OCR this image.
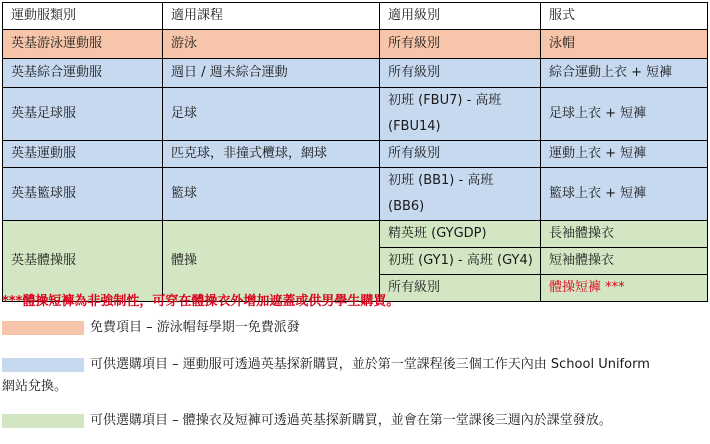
運動服類別	適用課程	適用級別	服式
英基游泳運動服	游泳	所有級別	泳帽
英基綜合運動服	週日 / 週末綜合運動	所有級別	綜合運動上衣 + 短褲
英基足球服	足球	初班 (FBU7) - 高班 (FBU14)	足球上衣 + 短褲
英基運動服	匹克球，非撞式欖球，網球	所有級別	運動上衣 + 短褲
英基籃球服	籃球	初班 (BB1) - 高班 (BB6)	籃球上衣 + 短褲
英基體操服	體操	精英班 (GYGDP)	長袖體操衣
		初班 (GY1) - 高班 (GY4)	短袖體操衣
		所有級別	體操短褲 ***
***體操短褲為非強制性，可穿在體操衣外增加遮蓋或供男學生購買。
免費項目 – 游泳帽每學期一免費派發
可供選購項目 – 運動服可透過英基探新購買，並於第一堂課程後三個工作天內由 School Uniform
網站兌換。
可供選購項目 – 體操衣及短褲可透過英基探新購買，並會在第一堂課後三週內於課堂發放。
